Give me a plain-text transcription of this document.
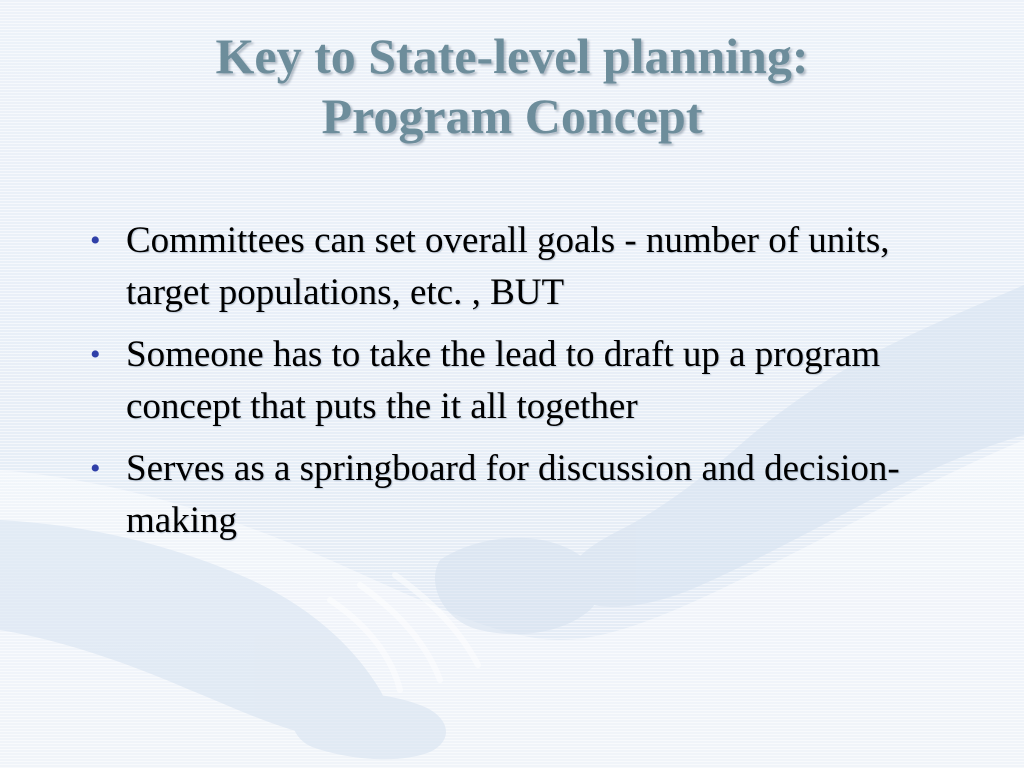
Key to State-level planning:
Program Concept
• Committees can set overall goals - number of units, target populations, etc. , BUT
• Someone has to take the lead to draft up a program concept that puts the it all together
• Serves as a springboard for discussion and decision-making
